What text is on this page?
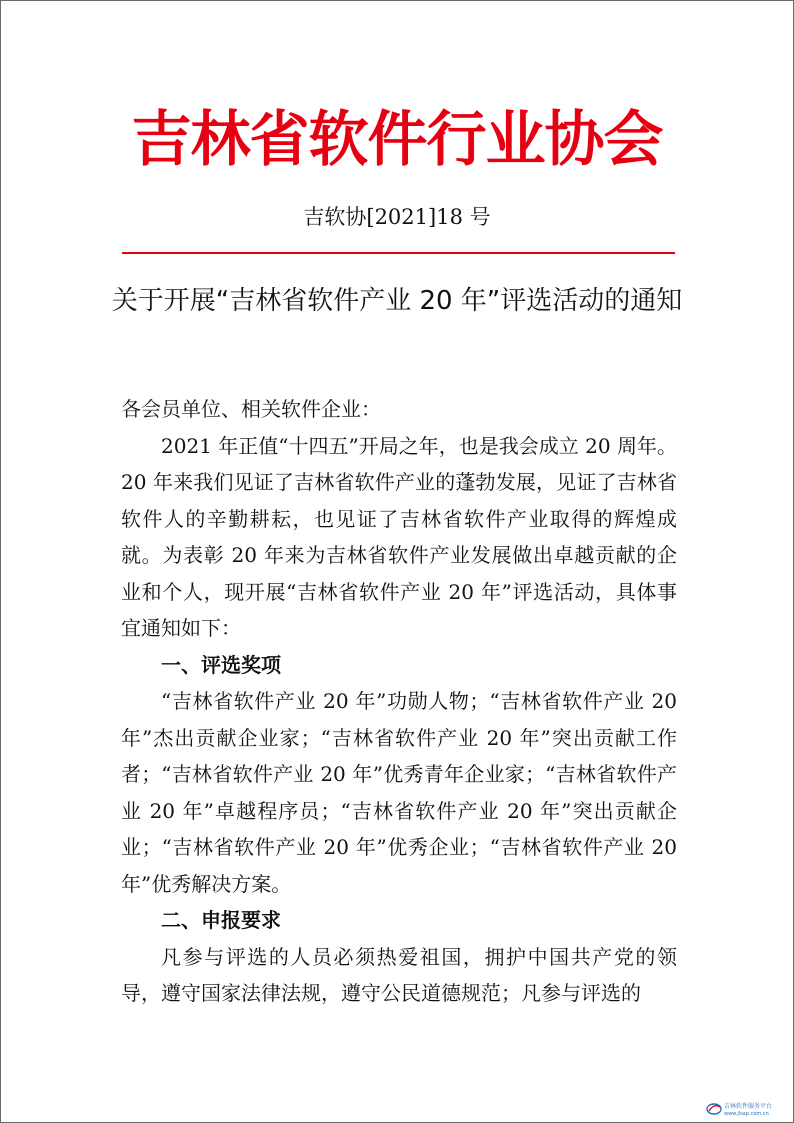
吉林省软件行业协会
吉软协[2021]18 号
关于开展“吉林省软件产业 20 年”评选活动的通知

各会员单位、相关软件企业：

2021 年正值“十四五”开局之年，也是我会成立 20 周年。20 年来我们见证了吉林省软件产业的蓬勃发展，见证了吉林省软件人的辛勤耕耘，也见证了吉林省软件产业取得的辉煌成就。为表彰 20 年来为吉林省软件产业发展做出卓越贡献的企业和个人，现开展“吉林省软件产业 20 年”评选活动，具体事宜通知如下：

一、评选奖项

“吉林省软件产业 20 年”功勋人物；“吉林省软件产业 20 年”杰出贡献企业家；“吉林省软件产业 20 年”突出贡献工作者；“吉林省软件产业 20 年”优秀青年企业家；“吉林省软件产业 20 年”卓越程序员；“吉林省软件产业 20 年”突出贡献企业；“吉林省软件产业 20 年”优秀企业；“吉林省软件产业 20 年”优秀解决方案。

二、申报要求

凡参与评选的人员必须热爱祖国，拥护中国共产党的领导，遵守国家法律法规，遵守公民道德规范；凡参与评选的

吉林软件服务平台
www.jlsap.com.cn
